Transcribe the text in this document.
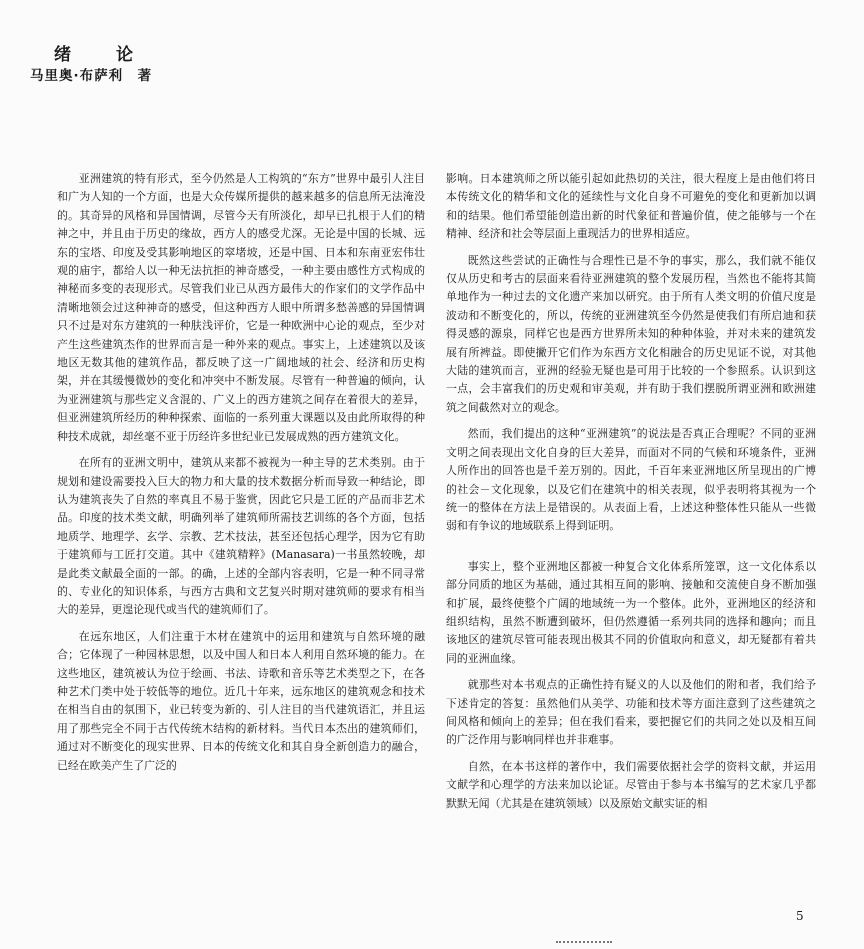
绪　论
马里奥·布萨利　著

亚洲建筑的特有形式，至今仍然是人工构筑的“东方”世界中最引人注目和广为人知的一个方面，也是大众传媒所提供的越来越多的信息所无法淹没的。其奇异的风格和异国情调，尽管今天有所淡化，却早已扎根于人们的精神之中，并且由于历史的缘故，西方人的感受尤深。无论是中国的长城、远东的宝塔、印度及受其影响地区的窣堵坡，还是中国、日本和东南亚宏伟壮观的庙宇，都给人以一种无法抗拒的神奇感受，一种主要由感性方式构成的神秘而多变的表现形式。尽管我们业已从西方最伟大的作家们的文学作品中清晰地领会过这种神奇的感受，但这种西方人眼中所谓多愁善感的异国情调只不过是对东方建筑的一种肤浅评价，它是一种欧洲中心论的观点，至少对产生这些建筑杰作的世界而言是一种外来的观点。事实上，上述建筑以及该地区无数其他的建筑作品，都反映了这一广阔地域的社会、经济和历史构架，并在其缓慢微妙的变化和冲突中不断发展。尽管有一种普遍的倾向，认为亚洲建筑与那些定义含混的、广义上的西方建筑之间存在着很大的差异，但亚洲建筑所经历的种种探索、面临的一系列重大课题以及由此所取得的种种技术成就，却丝毫不亚于历经许多世纪业已发展成熟的西方建筑文化。

在所有的亚洲文明中，建筑从来都不被视为一种主导的艺术类别。由于规划和建设需要投入巨大的物力和大量的技术数据分析而导致一种结论，即认为建筑丧失了自然的率真且不易于鉴赏，因此它只是工匠的产品而非艺术品。印度的技术类文献，明确列举了建筑师所需技艺训练的各个方面，包括地质学、地理学、玄学、宗教、艺术技法，甚至还包括心理学，因为它有助于建筑师与工匠打交道。其中《建筑精粹》(Manasara)一书虽然较晚，却是此类文献最全面的一部。的确，上述的全部内容表明，它是一种不同寻常的、专业化的知识体系，与西方古典和文艺复兴时期对建筑师的要求有相当大的差异，更遑论现代或当代的建筑师们了。

在远东地区，人们注重于木材在建筑中的运用和建筑与自然环境的融合；它体现了一种园林思想，以及中国人和日本人利用自然环境的能力。在这些地区，建筑被认为位于绘画、书法、诗歌和音乐等艺术类型之下，在各种艺术门类中处于较低等的地位。近几十年来，远东地区的建筑观念和技术在相当自由的氛围下，业已转变为新的、引人注目的当代建筑语汇，并且运用了那些完全不同于古代传统木结构的新材料。当代日本杰出的建筑师们，通过对不断变化的现实世界、日本的传统文化和其自身全新创造力的融合，已经在欧美产生了广泛的

影响。日本建筑师之所以能引起如此热切的关注，很大程度上是由他们将日本传统文化的精华和文化的延续性与文化自身不可避免的变化和更新加以调和的结果。他们希望能创造出新的时代象征和普遍价值，使之能够与一个在精神、经济和社会等层面上重现活力的世界相适应。

既然这些尝试的正确性与合理性已是不争的事实，那么，我们就不能仅仅从历史和考古的层面来看待亚洲建筑的整个发展历程，当然也不能将其简单地作为一种过去的文化遗产来加以研究。由于所有人类文明的价值尺度是波动和不断变化的，所以，传统的亚洲建筑至今仍然是使我们有所启迪和获得灵感的源泉，同样它也是西方世界所未知的种种体验，并对未来的建筑发展有所裨益。即使撇开它们作为东西方文化相融合的历史见证不说，对其他大陆的建筑而言，亚洲的经验无疑也是可用于比较的一个参照系。认识到这一点，会丰富我们的历史观和审美观，并有助于我们摆脱所谓亚洲和欧洲建筑之间截然对立的观念。

然而，我们提出的这种“亚洲建筑”的说法是否真正合理呢？不同的亚洲文明之间表现出文化自身的巨大差异，而面对不同的气候和环境条件，亚洲人所作出的回答也是千差万别的。因此，千百年来亚洲地区所呈现出的广博的社会－文化现象，以及它们在建筑中的相关表现，似乎表明将其视为一个统一的整体在方法上是错误的。从表面上看，上述这种整体性只能从一些微弱和有争议的地域联系上得到证明。

事实上，整个亚洲地区都被一种复合文化体系所笼罩，这一文化体系以部分同质的地区为基础，通过其相互间的影响、接触和交流使自身不断加强和扩展，最终使整个广阔的地域统一为一个整体。此外，亚洲地区的经济和组织结构，虽然不断遭到破坏，但仍然遵循一系列共同的选择和趣向；而且该地区的建筑尽管可能表现出极其不同的价值取向和意义，却无疑都有着共同的亚洲血缘。

就那些对本书观点的正确性持有疑义的人以及他们的附和者，我们给予下述肯定的答复：虽然他们从美学、功能和技术等方面注意到了这些建筑之间风格和倾向上的差异；但在我们看来，要把握它们的共同之处以及相互间的广泛作用与影响同样也并非难事。

自然，在本书这样的著作中，我们需要依据社会学的资料文献，并运用文献学和心理学的方法来加以论证。尽管由于参与本书编写的艺术家几乎都默默无闻（尤其是在建筑领域）以及原始文献实证的相

5
